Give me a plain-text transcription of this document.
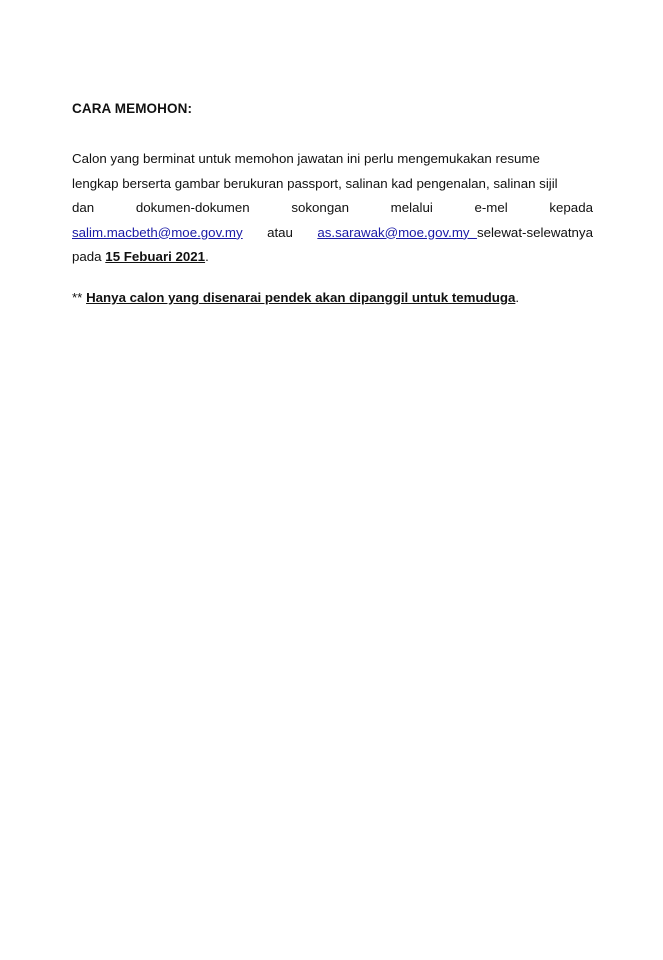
CARA MEMOHON:
Calon yang berminat untuk memohon jawatan ini perlu mengemukakan resume
lengkap berserta gambar berukuran passport, salinan kad pengenalan, salinan sijil
dan	dokumen-dokumen	sokongan	melalui	e-mel	kepada
salim.macbeth@moe.gov.my atau as.sarawak@moe.gov.my selewat-selewatnya
pada 15 Febuari 2021.
** Hanya calon yang disenarai pendek akan dipanggil untuk temuduga.
